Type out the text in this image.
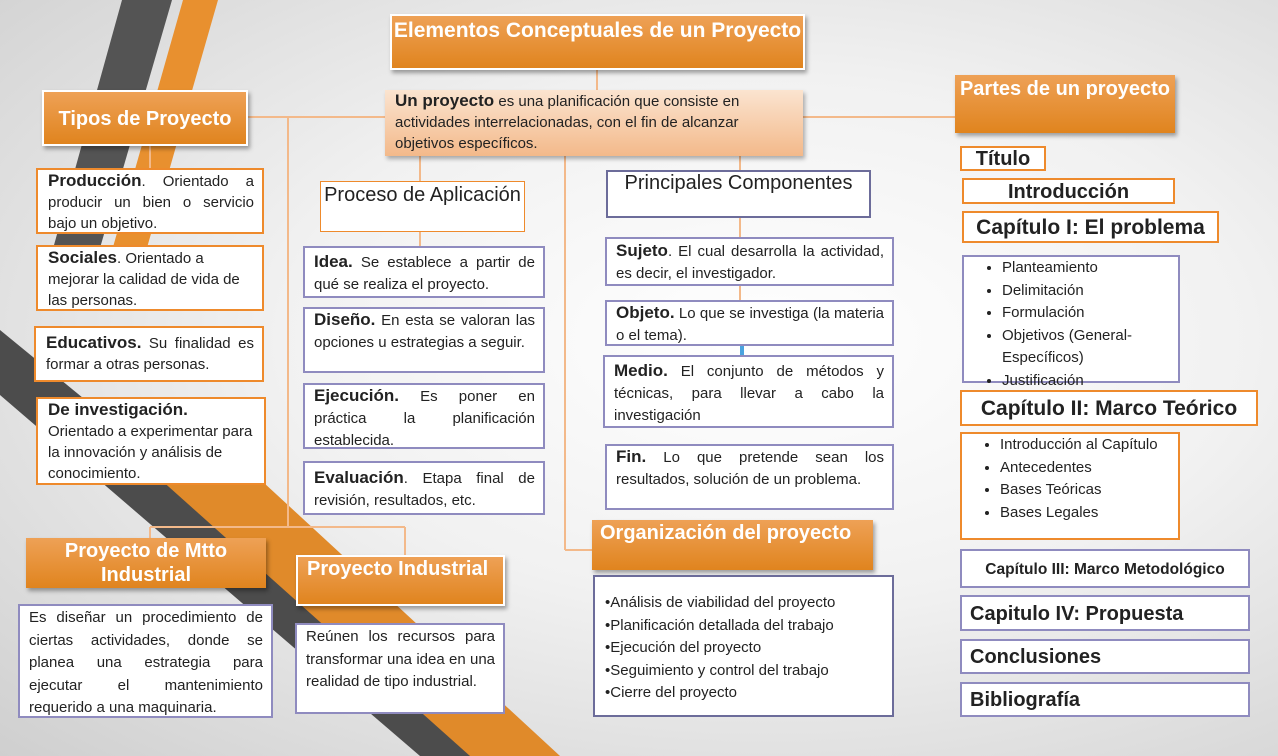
Elementos Conceptuales de un Proyecto
Un proyecto es una planificación que consiste en actividades interrelacionadas, con el fin de alcanzar objetivos específicos.
Tipos de Proyecto
Producción. Orientado a producir un bien o servicio bajo un objetivo.
Sociales. Orientado a mejorar la calidad de vida de las personas.
Educativos. Su finalidad es formar a otras personas.
De investigación.
Orientado a experimentar para la innovación y análisis de conocimiento.
Proceso de Aplicación
Idea. Se establece a partir de qué se realiza el proyecto.
Diseño. En esta se valoran las opciones u estrategias a seguir.
Ejecución. Es poner en práctica la planificación establecida.
Evaluación. Etapa final de revisión, resultados, etc.
Principales Componentes
Sujeto. El cual desarrolla la actividad, es decir, el investigador.
Objeto. Lo que se investiga (la materia o el tema).
Medio. El conjunto de métodos y técnicas, para llevar a cabo la investigación
Fin. Lo que pretende sean los resultados, solución de un problema.
Organización del proyecto
•Análisis de viabilidad del proyecto
•Planificación detallada del trabajo
•Ejecución del proyecto
•Seguimiento y control del trabajo
•Cierre del proyecto
Proyecto de Mtto Industrial
Es diseñar un procedimiento de ciertas actividades, donde se planea una estrategia para ejecutar el mantenimiento requerido a una maquinaria.
Proyecto Industrial
Reúnen los recursos para transformar una idea en una realidad de tipo industrial.
Partes de un proyecto
Título
Introducción
Capítulo I: El problema
• Planteamiento
• Delimitación
• Formulación
• Objetivos (General-Específicos)
• Justificación
Capítulo II: Marco Teórico
• Introducción al Capítulo
• Antecedentes
• Bases Teóricas
• Bases Legales
Capítulo III: Marco Metodológico
Capitulo IV: Propuesta
Conclusiones
Bibliografía
